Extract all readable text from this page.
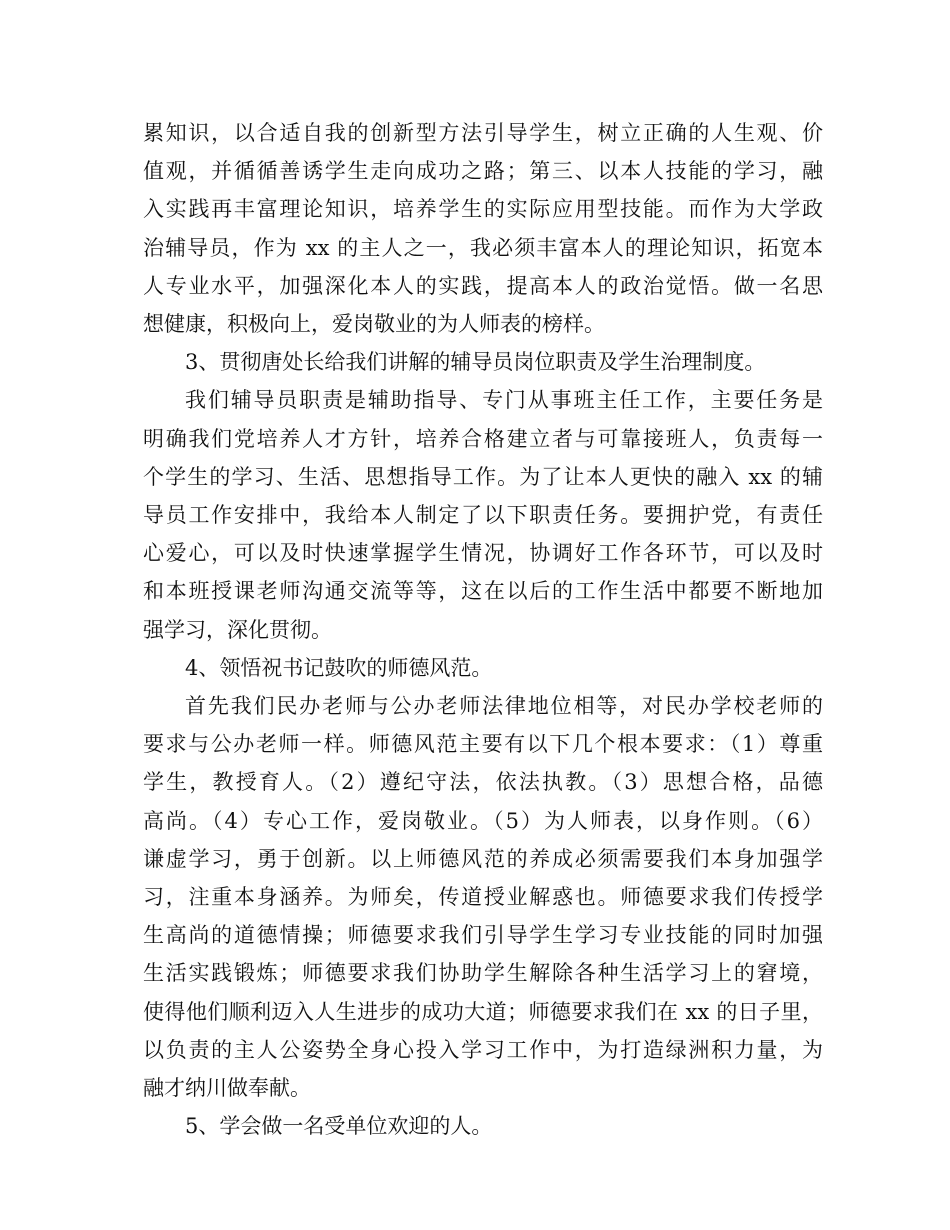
累知识，以合适自我的创新型方法引导学生，树立正确的人生观、价
值观，并循循善诱学生走向成功之路；第三、以本人技能的学习，融
入实践再丰富理论知识，培养学生的实际应用型技能。而作为大学政
治辅导员，作为 xx 的主人之一，我必须丰富本人的理论知识，拓宽本
人专业水平，加强深化本人的实践，提高本人的政治觉悟。做一名思
想健康，积极向上，爱岗敬业的为人师表的榜样。

3、贯彻唐处长给我们讲解的辅导员岗位职责及学生治理制度。

我们辅导员职责是辅助指导、专门从事班主任工作，主要任务是
明确我们党培养人才方针，培养合格建立者与可靠接班人，负责每一
个学生的学习、生活、思想指导工作。为了让本人更快的融入 xx 的辅
导员工作安排中，我给本人制定了以下职责任务。要拥护党，有责任
心爱心，可以及时快速掌握学生情况，协调好工作各环节，可以及时
和本班授课老师沟通交流等等，这在以后的工作生活中都要不断地加
强学习，深化贯彻。

4、领悟祝书记鼓吹的师德风范。

首先我们民办老师与公办老师法律地位相等，对民办学校老师的
要求与公办老师一样。师德风范主要有以下几个根本要求：（1）尊重
学生，教授育人。（2）遵纪守法，依法执教。（3）思想合格，品德
高尚。（4）专心工作，爱岗敬业。（5）为人师表，以身作则。（6）
谦虚学习，勇于创新。以上师德风范的养成必须需要我们本身加强学
习，注重本身涵养。为师矣，传道授业解惑也。师德要求我们传授学
生高尚的道德情操；师德要求我们引导学生学习专业技能的同时加强
生活实践锻炼；师德要求我们协助学生解除各种生活学习上的窘境，
使得他们顺利迈入人生进步的成功大道；师德要求我们在 xx 的日子里，
以负责的主人公姿势全身心投入学习工作中，为打造绿洲积力量，为
融才纳川做奉献。

5、学会做一名受单位欢迎的人。
